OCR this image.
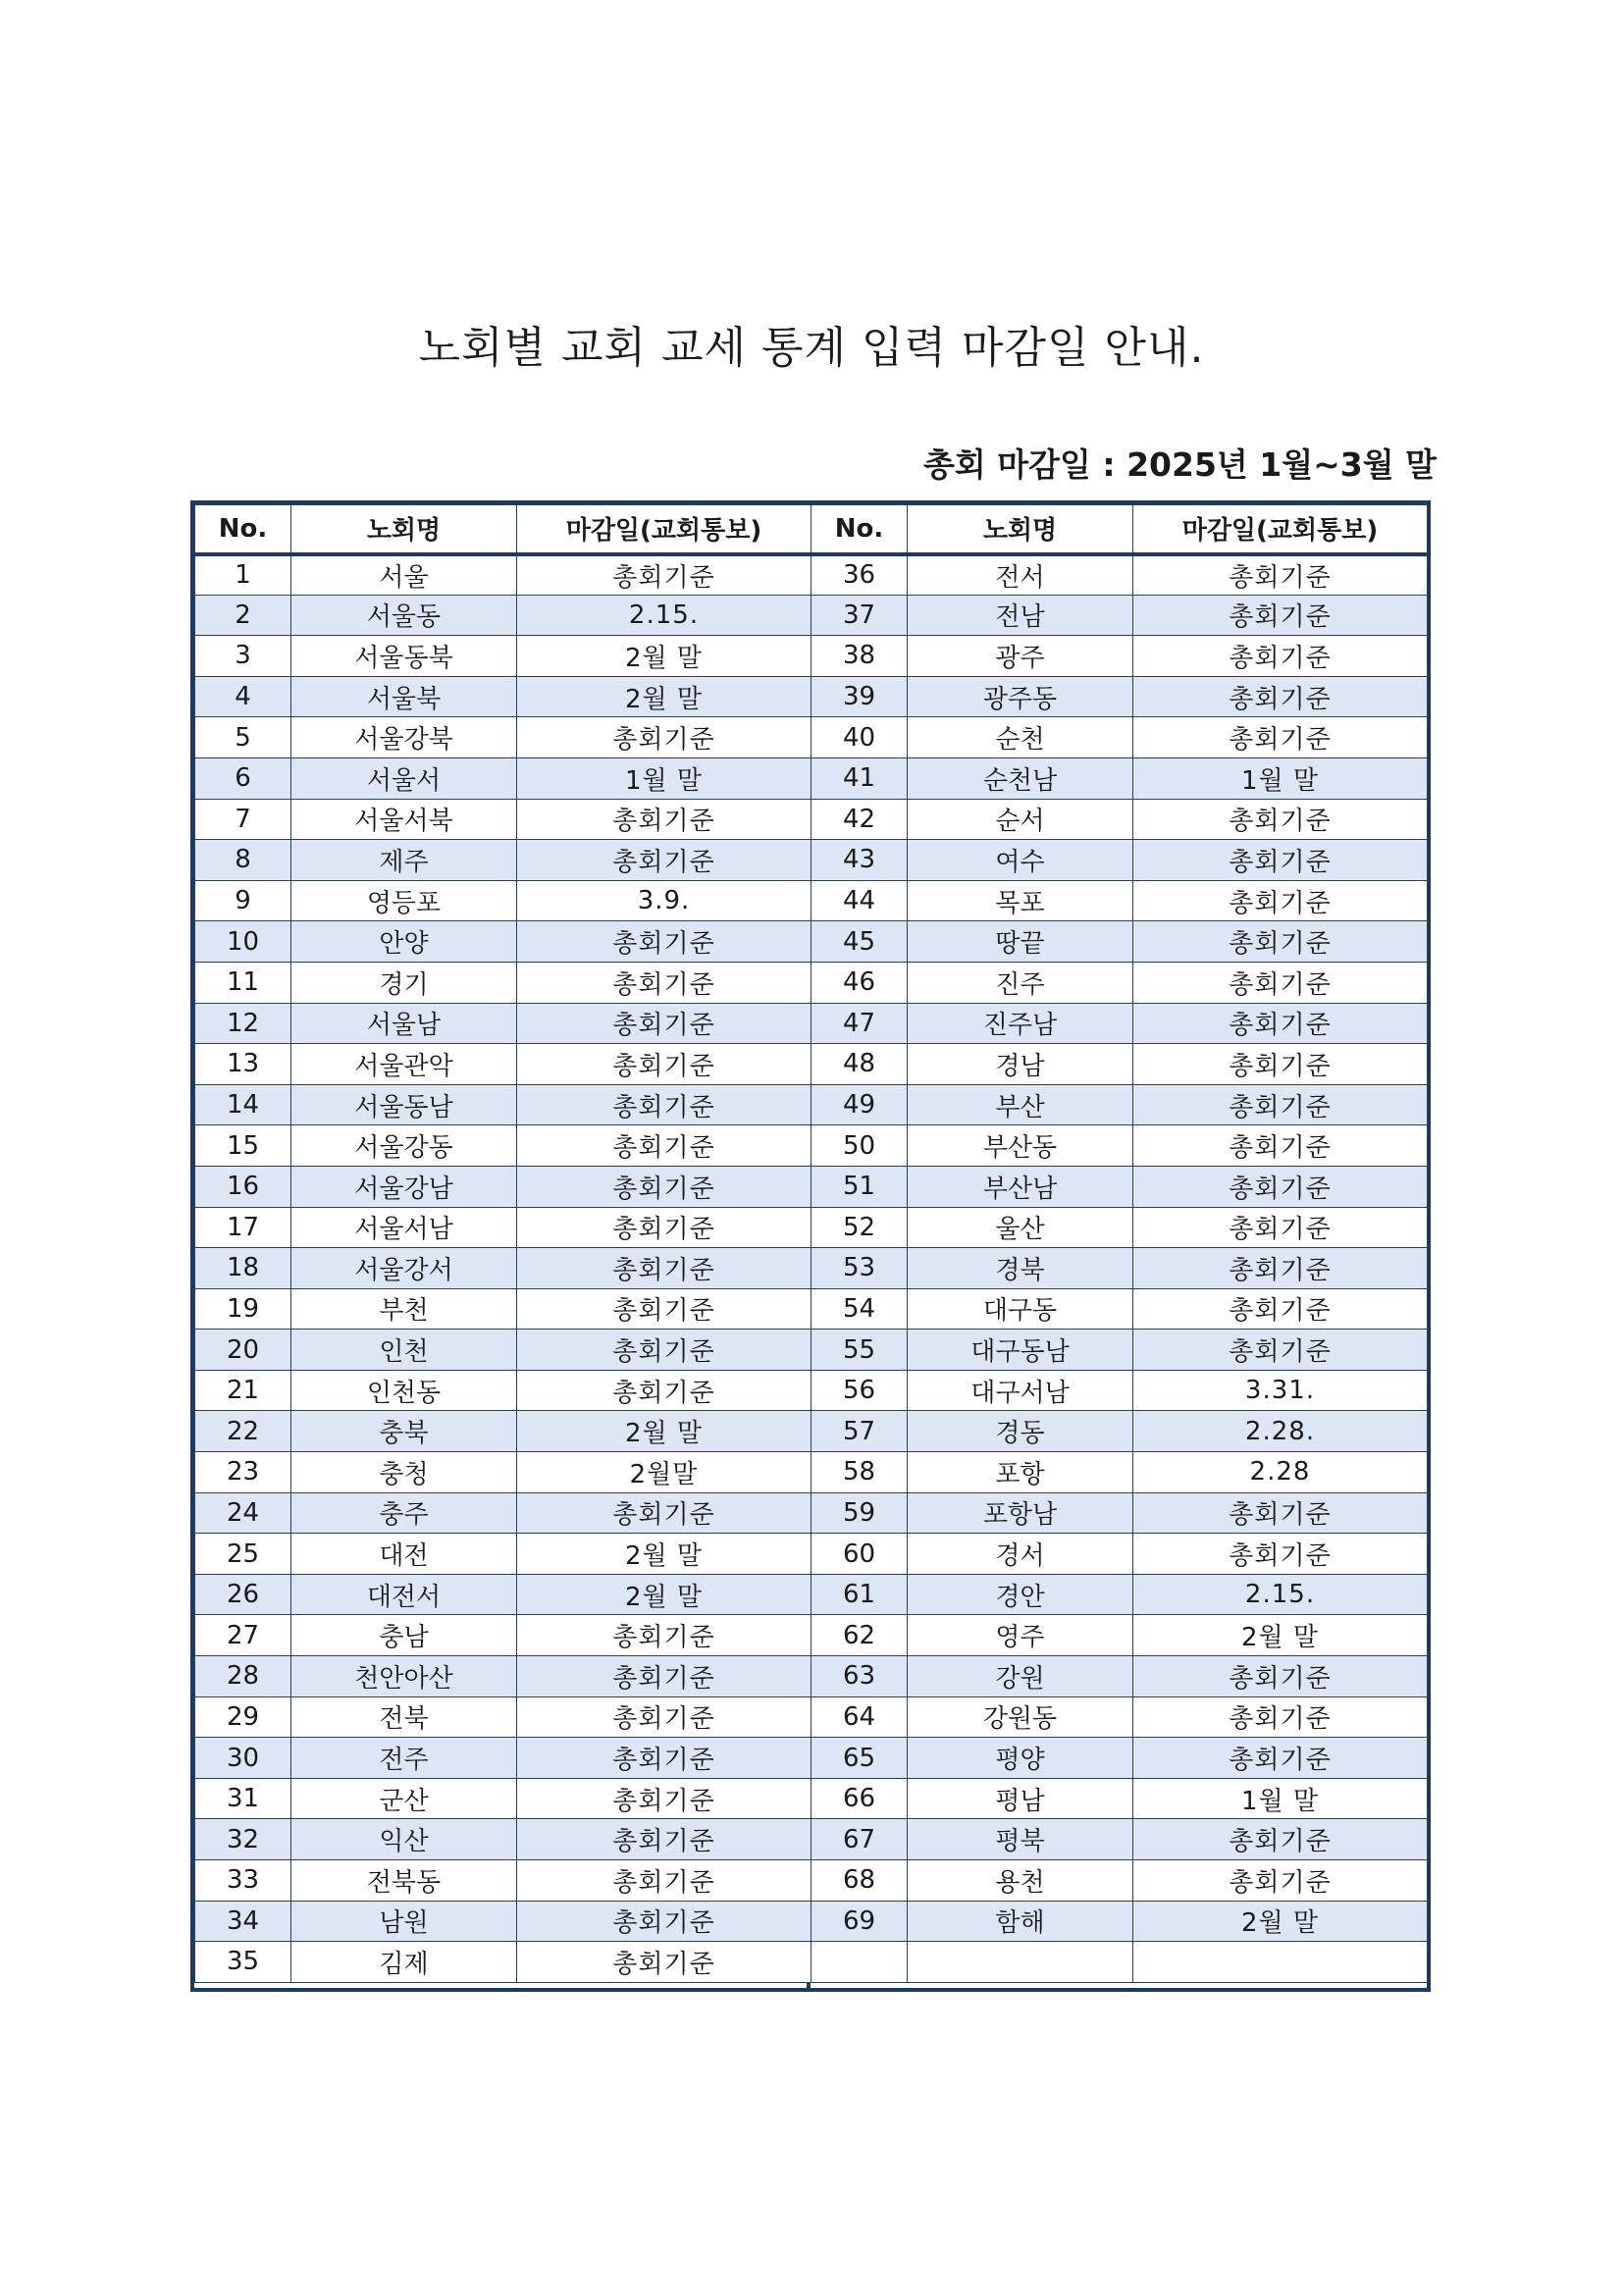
노회별 교회 교세 통계 입력 마감일 안내.
총회 마감일 : 2025년 1월~3월 말
No.	노회명	마감일(교회통보)
1	서울	총회기준
2	서울동	2.15.
3	서울동북	2월 말
4	서울북	2월 말
5	서울강북	총회기준
6	서울서	1월 말
7	서울서북	총회기준
8	제주	총회기준
9	영등포	3.9.
10	안양	총회기준
11	경기	총회기준
12	서울남	총회기준
13	서울관악	총회기준
14	서울동남	총회기준
15	서울강동	총회기준
16	서울강남	총회기준
17	서울서남	총회기준
18	서울강서	총회기준
19	부천	총회기준
20	인천	총회기준
21	인천동	총회기준
22	충북	2월 말
23	충청	2월말
24	충주	총회기준
25	대전	2월 말
26	대전서	2월 말
27	충남	총회기준
28	천안아산	총회기준
29	전북	총회기준
30	전주	총회기준
31	군산	총회기준
32	익산	총회기준
33	전북동	총회기준
34	남원	총회기준
35	김제	총회기준
No.	노회명	마감일(교회통보)
36	전서	총회기준
37	전남	총회기준
38	광주	총회기준
39	광주동	총회기준
40	순천	총회기준
41	순천남	1월 말
42	순서	총회기준
43	여수	총회기준
44	목포	총회기준
45	땅끝	총회기준
46	진주	총회기준
47	진주남	총회기준
48	경남	총회기준
49	부산	총회기준
50	부산동	총회기준
51	부산남	총회기준
52	울산	총회기준
53	경북	총회기준
54	대구동	총회기준
55	대구동남	총회기준
56	대구서남	3.31.
57	경동	2.28.
58	포항	2.28
59	포항남	총회기준
60	경서	총회기준
61	경안	2.15.
62	영주	2월 말
63	강원	총회기준
64	강원동	총회기준
65	평양	총회기준
66	평남	1월 말
67	평북	총회기준
68	용천	총회기준
69	함해	2월 말
